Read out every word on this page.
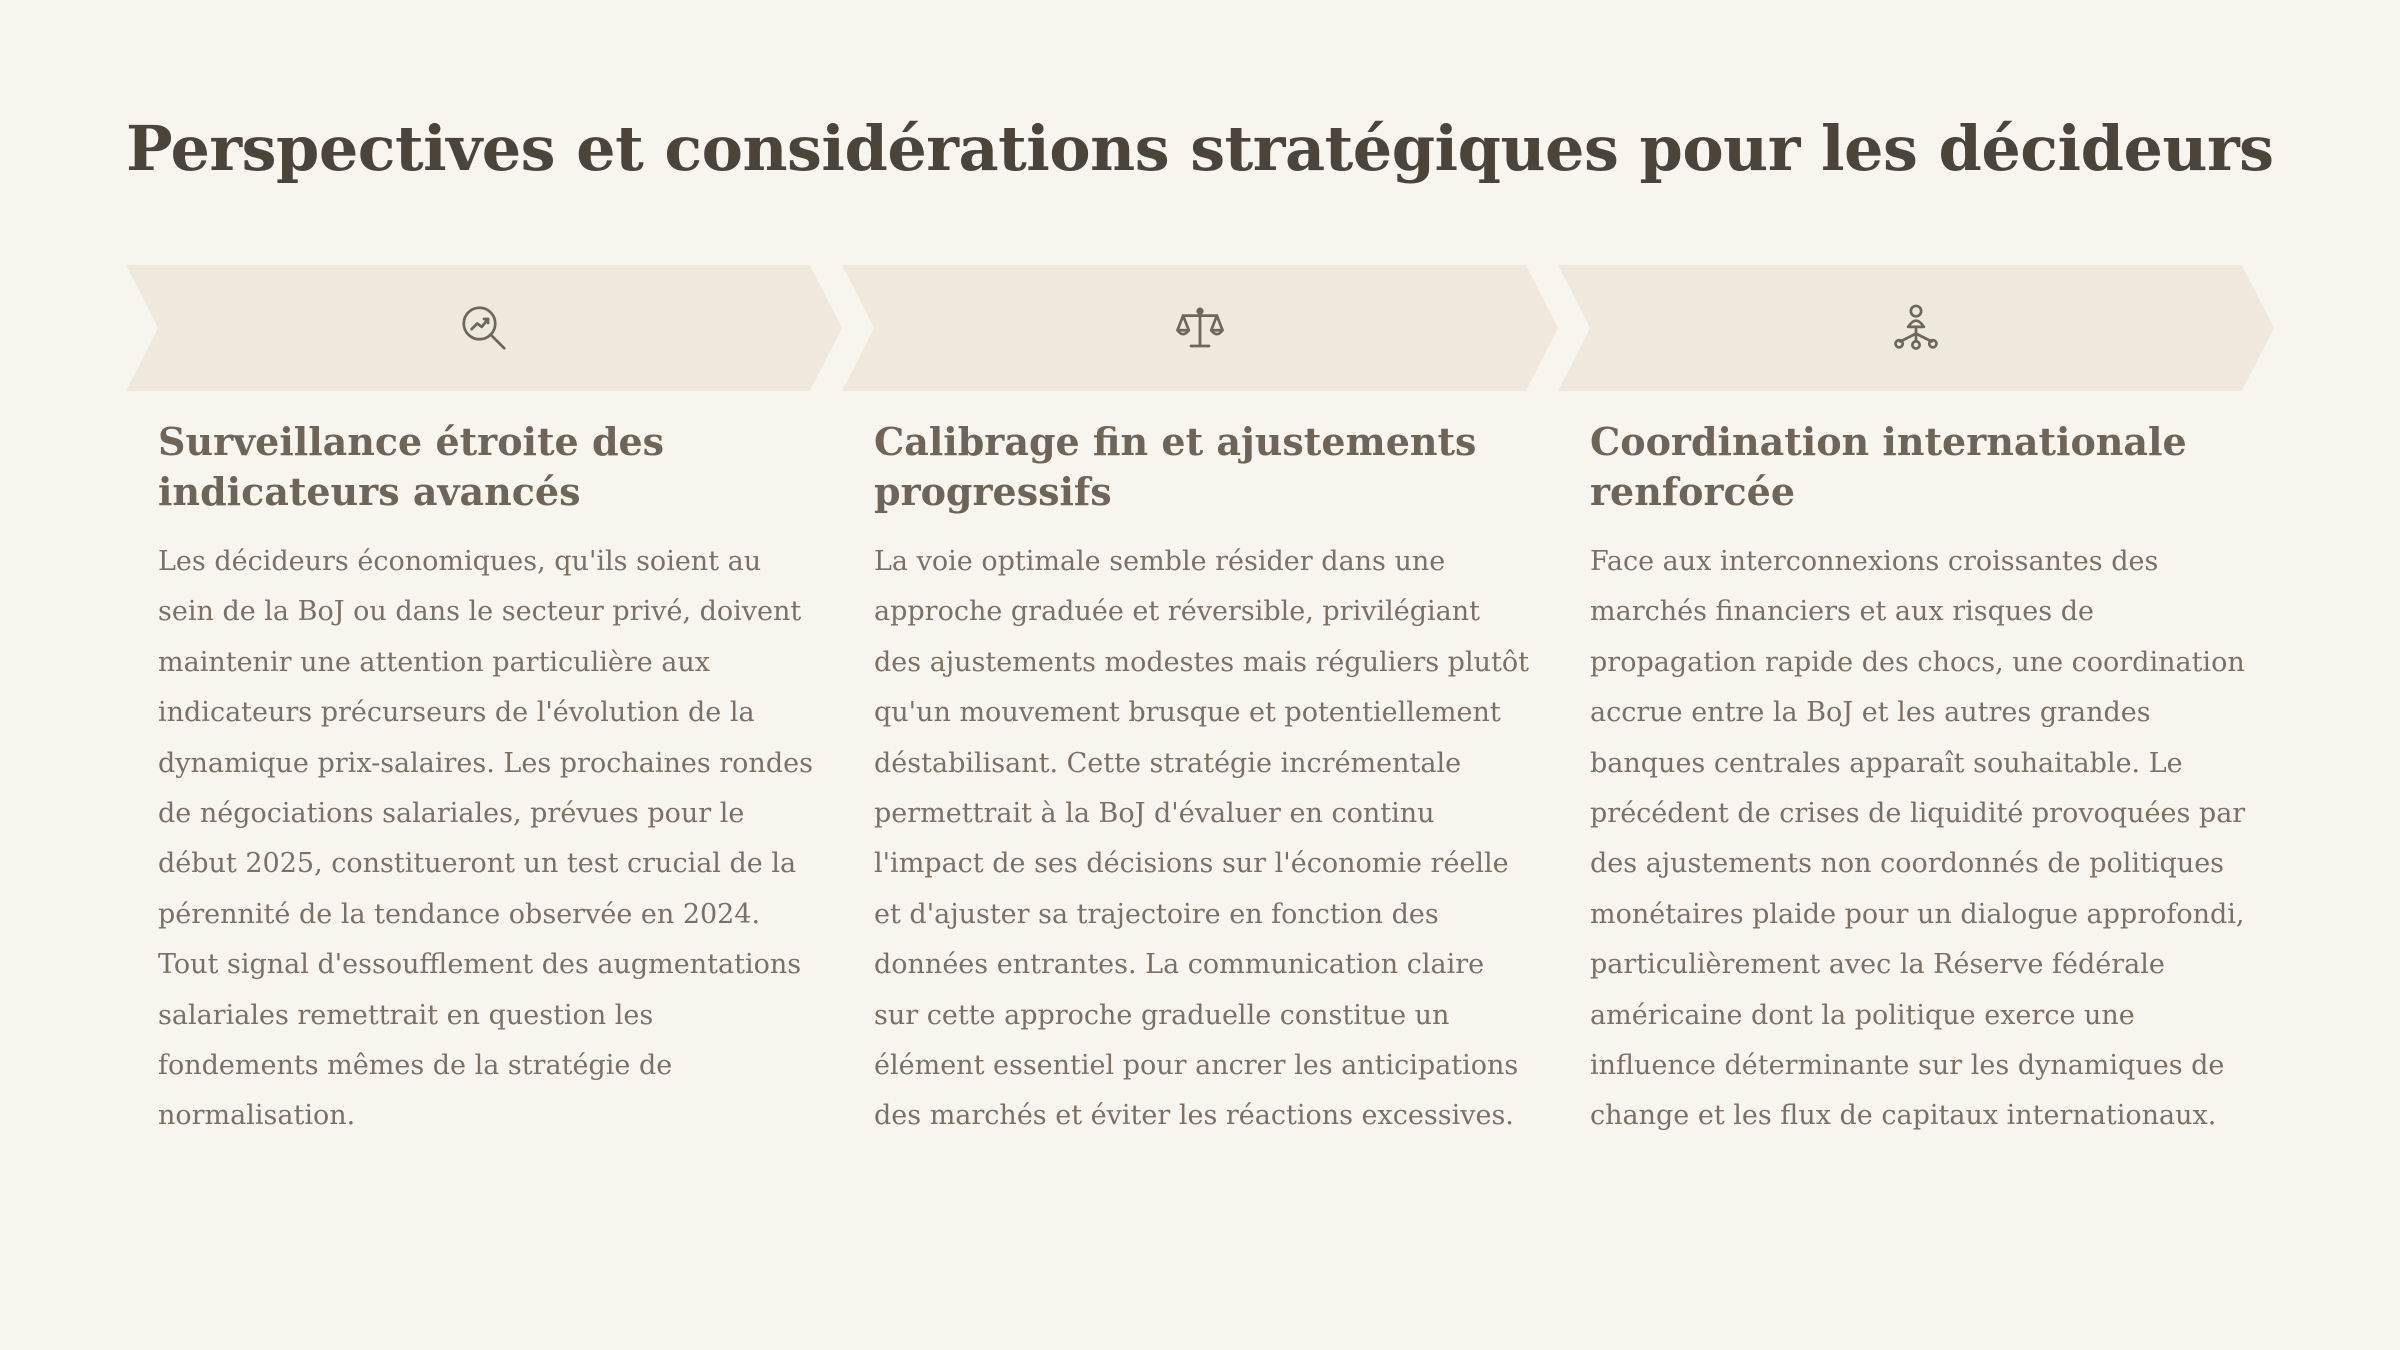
Perspectives et considérations stratégiques pour les décideurs
Surveillance étroite des indicateurs avancés

Les décideurs économiques, qu'ils soient au sein de la BoJ ou dans le secteur privé, doivent maintenir une attention particulière aux indicateurs précurseurs de l'évolution de la dynamique prix-salaires. Les prochaines rondes de négociations salariales, prévues pour le début 2025, constitueront un test crucial de la pérennité de la tendance observée en 2024. Tout signal d'essoufflement des augmentations salariales remettrait en question les fondements mêmes de la stratégie de normalisation.

Calibrage fin et ajustements progressifs

La voie optimale semble résider dans une approche graduée et réversible, privilégiant des ajustements modestes mais réguliers plutôt qu'un mouvement brusque et potentiellement déstabilisant. Cette stratégie incrémentale permettrait à la BoJ d'évaluer en continu l'impact de ses décisions sur l'économie réelle et d'ajuster sa trajectoire en fonction des données entrantes. La communication claire sur cette approche graduelle constitue un élément essentiel pour ancrer les anticipations des marchés et éviter les réactions excessives.

Coordination internationale renforcée

Face aux interconnexions croissantes des marchés financiers et aux risques de propagation rapide des chocs, une coordination accrue entre la BoJ et les autres grandes banques centrales apparaît souhaitable. Le précédent de crises de liquidité provoquées par des ajustements non coordonnés de politiques monétaires plaide pour un dialogue approfondi, particulièrement avec la Réserve fédérale américaine dont la politique exerce une influence déterminante sur les dynamiques de change et les flux de capitaux internationaux.
